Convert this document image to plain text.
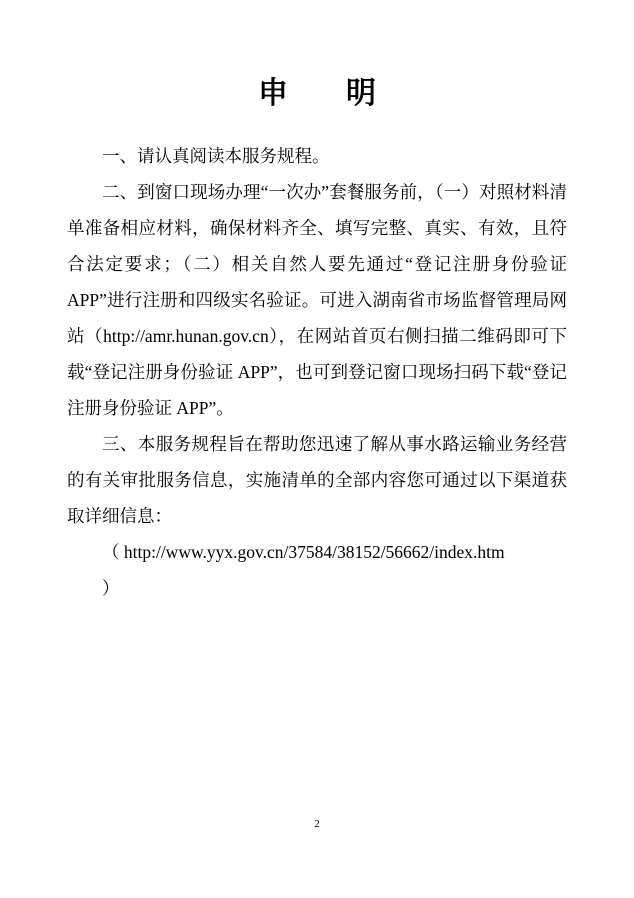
申　明

一、请认真阅读本服务规程。

二、到窗口现场办理“一次办”套餐服务前，（一）对照材料清单准备相应材料，确保材料齐全、填写完整、真实、有效，且符合法定要求；（二）相关自然人要先通过“登记注册身份验证 APP”进行注册和四级实名验证。可进入湖南省市场监督管理局网站（http://amr.hunan.gov.cn），在网站首页右侧扫描二维码即可下载“登记注册身份验证 APP”，也可到登记窗口现场扫码下载“登记注册身份验证 APP”。

三、本服务规程旨在帮助您迅速了解从事水路运输业务经营的有关审批服务信息，实施清单的全部内容您可通过以下渠道获取详细信息：

（ http://www.yyx.gov.cn/37584/38152/56662/index.htm

）

2
